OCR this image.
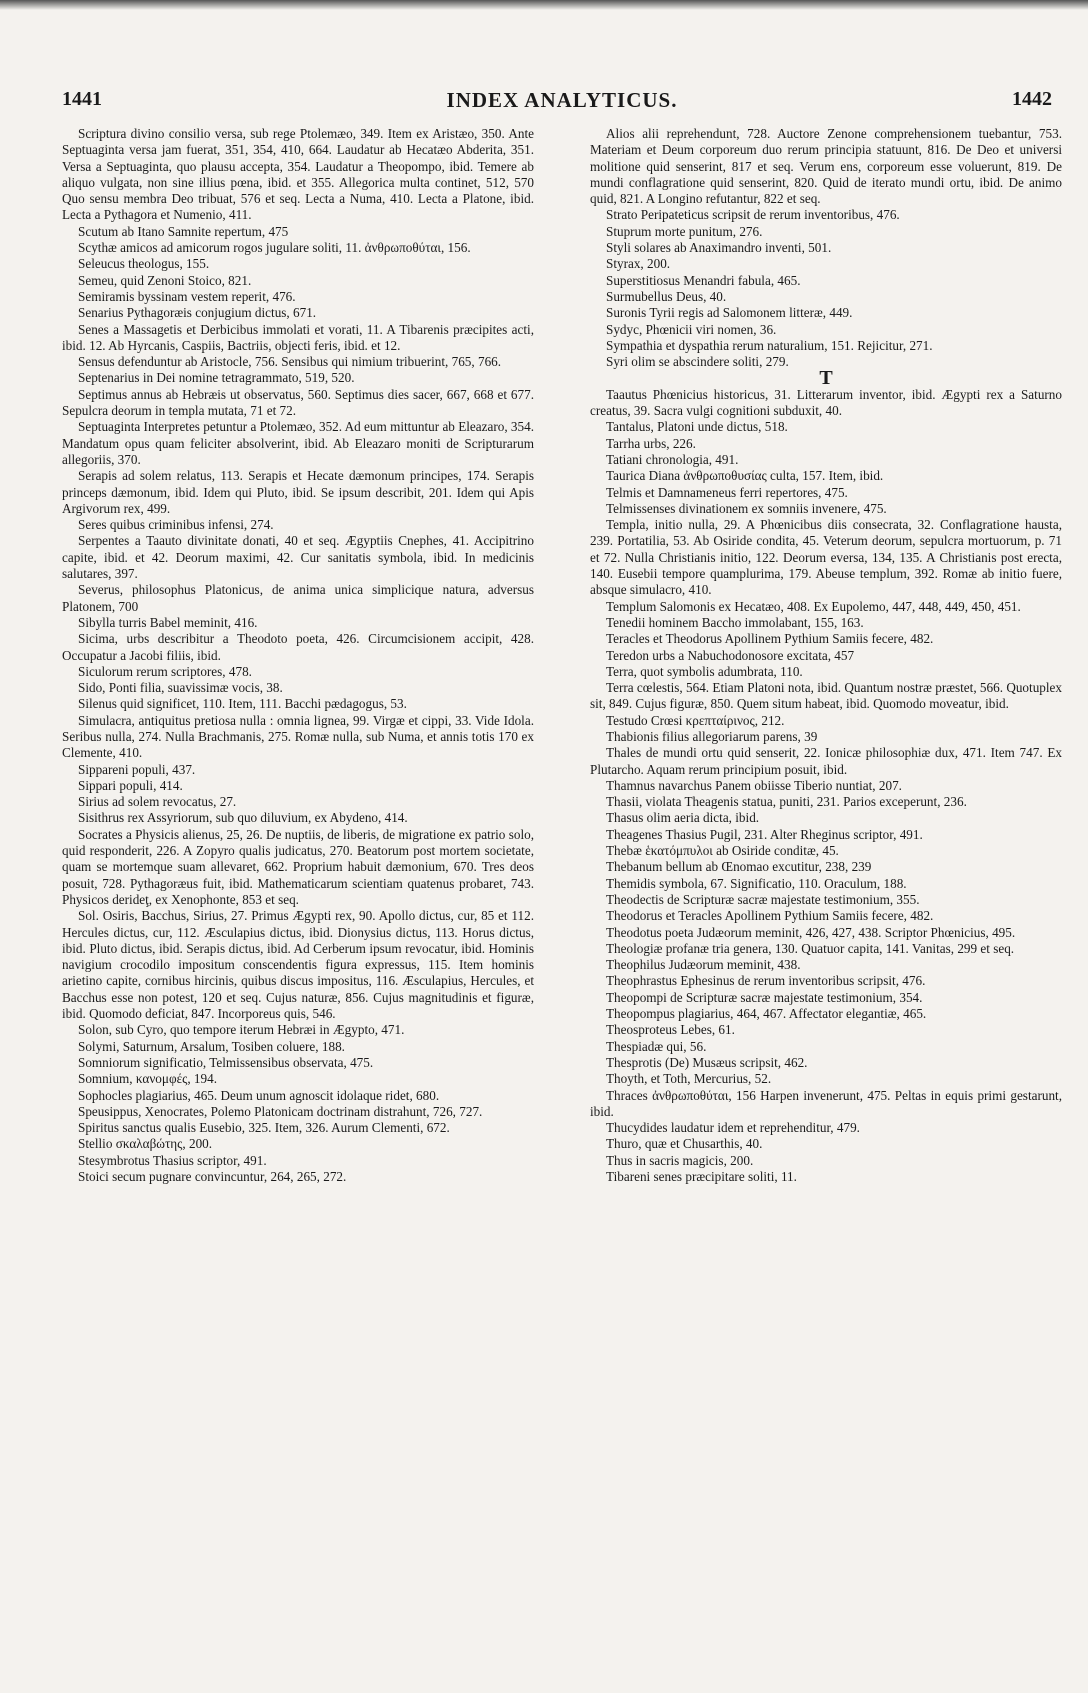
1441	INDEX ANALYTICUS.	1442

Scriptura divino consilio versa, sub rege Ptolemæo, 349. Item ex Aristæo, 350. Ante Septuaginta versa jam fuerat, 351, 354, 410, 664. Laudatur ab Hecatæo Abderita, 351. Versa a Septuaginta, quo plausu accepta, 354. Laudatur a Theopompo, ibid. Temere ab aliquo vulgata, non sine illius pœna, ibid. et 355. Allegorica multa continet, 512, 570 Quo sensu membra Deo tribuat, 576 et seq. Lecta a Numa, 410. Lecta a Platone, ibid. Lecta a Pythagora et Numenio, 411.

Scutum ab Itano Samnite repertum, 475

Scythæ amicos ad amicorum rogos jugulare soliti, 11. ἀνθρωποθύται, 156.

Seleucus theologus, 155.

Semeu, quid Zenoni Stoico, 821.

Semiramis byssinam vestem reperit, 476.

Senarius Pythagoræis conjugium dictus, 671.

Senes a Massagetis et Derbicibus immolati et vorati, 11. A Tibarenis præcipites acti, ibid. 12. Ab Hyrcanis, Caspiis, Bactriis, objecti feris, ibid. et 12.

Sensus defenduntur ab Aristocle, 756. Sensibus qui nimium tribuerint, 765, 766.

Septenarius in Dei nomine tetragrammato, 519, 520.

Septimus annus ab Hebræis ut observatus, 560. Septimus dies sacer, 667, 668 et 677. Sepulcra deorum in templa mutata, 71 et 72.

Septuaginta Interpretes petuntur a Ptolemæo, 352. Ad eum mittuntur ab Eleazaro, 354. Mandatum opus quam feliciter absolverint, ibid. Ab Eleazaro moniti de Scripturarum allegoriis, 370.

Serapis ad solem relatus, 113. Serapis et Hecate dæmonum principes, 174. Serapis princeps dæmonum, ibid. Idem qui Pluto, ibid. Se ipsum describit, 201. Idem qui Apis Argivorum rex, 499.

Seres quibus criminibus infensi, 274.

Serpentes a Taauto divinitate donati, 40 et seq. Ægyptiis Cnephes, 41. Accipitrino capite, ibid. et 42. Deorum maximi, 42. Cur sanitatis symbola, ibid. In medicinis salutares, 397.

Severus, philosophus Platonicus, de anima unica simplicique natura, adversus Platonem, 700

Sibylla turris Babel meminit, 416.

Sicima, urbs describitur a Theodoto poeta, 426. Circumcisionem accipit, 428. Occupatur a Jacobi filiis, ibid.

Siculorum rerum scriptores, 478.

Sido, Ponti filia, suavissimæ vocis, 38.

Silenus quid significet, 110. Item, 111. Bacchi pædagogus, 53.

Simulacra, antiquitus pretiosa nulla : omnia lignea, 99. Virgæ et cippi, 33. Vide Idola. Seribus nulla, 274. Nulla Brachmanis, 275. Romæ nulla, sub Numa, et annis totis 170 ex Clemente, 410.

Sippareni populi, 437.

Sippari populi, 414.

Sirius ad solem revocatus, 27.

Sisithrus rex Assyriorum, sub quo diluvium, ex Abydeno, 414.

Socrates a Physicis alienus, 25, 26. De nuptiis, de liberis, de migratione ex patrio solo, quid responderit, 226. A Zopyro qualis judicatus, 270. Beatorum post mortem societate, quam se mortemque suam allevaret, 662. Proprium habuit dæmonium, 670. Tres deos posuit, 728. Pythagoræus fuit, ibid. Mathematicarum scientiam quatenus probaret, 743. Physicos derideţ, ex Xenophonte, 853 et seq.

Sol. Osiris, Bacchus, Sirius, 27. Primus Ægypti rex, 90. Apollo dictus, cur, 85 et 112. Hercules dictus, cur, 112. Æsculapius dictus, ibid. Dionysius dictus, 113. Horus dictus, ibid. Pluto dictus, ibid. Serapis dictus, ibid. Ad Cerberum ipsum revocatur, ibid. Hominis navigium crocodilo impositum conscendentis figura expressus, 115. Item hominis arietino capite, cornibus hircinis, quibus discus impositus, 116. Æsculapius, Hercules, et Bacchus esse non potest, 120 et seq. Cujus naturæ, 856. Cujus magnitudinis et figuræ, ibid. Quomodo deficiat, 847. Incorporeus quis, 546.

Solon, sub Cyro, quo tempore iterum Hebræi in Ægypto, 471.

Solymi, Saturnum, Arsalum, Tosiben coluere, 188.

Somniorum significatio, Telmissensibus observata, 475.

Somnium, κανομφές, 194.

Sophocles plagiarius, 465. Deum unum agnoscit idolaque ridet, 680.

Speusippus, Xenocrates, Polemo Platonicam doctrinam distrahunt, 726, 727.

Spiritus sanctus qualis Eusebio, 325. Item, 326. Aurum Clementi, 672.

Stellio σκαλαβώτης, 200.

Stesymbrotus Thasius scriptor, 491.

Stoici secum pugnare convincuntur, 264, 265, 272.

Alios alii reprehendunt, 728. Auctore Zenone comprehensionem tuebantur, 753. Materiam et Deum corporeum duo rerum principia statuunt, 816. De Deo et universi molitione quid senserint, 817 et seq. Verum ens, corporeum esse voluerunt, 819. De mundi conflagratione quid senserint, 820. Quid de iterato mundi ortu, ibid. De animo quid, 821. A Longino refutantur, 822 et seq.

Strato Peripateticus scripsit de rerum inventoribus, 476.

Stuprum morte punitum, 276.

Styli solares ab Anaximandro inventi, 501.

Styrax, 200.

Superstitiosus Menandri fabula, 465.

Surmubellus Deus, 40.

Suronis Tyrii regis ad Salomonem litteræ, 449.

Sydyc, Phœnicii viri nomen, 36.

Sympathia et dyspathia rerum naturalium, 151. Rejicitur, 271.

Syri olim se abscindere soliti, 279.

T

Taautus Phœnicius historicus, 31. Litterarum inventor, ibid. Ægypti rex a Saturno creatus, 39. Sacra vulgi cognitioni subduxit, 40.

Tantalus, Platoni unde dictus, 518.

Tarrha urbs, 226.

Tatiani chronologia, 491.

Taurica Diana ἀνθρωποθυσίας culta, 157. Item, ibid.

Telmis et Damnameneus ferri repertores, 475.

Telmissenses divinationem ex somniis invenere, 475.

Templa, initio nulla, 29. A Phœnicibus diis consecrata, 32. Conflagratione hausta, 239. Portatilia, 53. Ab Osiride condita, 45. Veterum deorum, sepulcra mortuorum, p. 71 et 72. Nulla Christianis initio, 122. Deorum eversa, 134, 135. A Christianis post erecta, 140. Eusebii tempore quamplurima, 179. Abeuse templum, 392. Romæ ab initio fuere, absque simulacro, 410.

Templum Salomonis ex Hecatæo, 408. Ex Eupolemo, 447, 448, 449, 450, 451.

Tenedii hominem Baccho immolabant, 155, 163.

Teracles et Theodorus Apollinem Pythium Samiis fecere, 482.

Teredon urbs a Nabuchodonosore excitata, 457

Terra, quot symbolis adumbrata, 110.

Terra cœlestis, 564. Etiam Platoni nota, ibid. Quantum nostræ præstet, 566. Quotuplex sit, 849. Cujus figuræ, 850. Quem situm habeat, ibid. Quomodo moveatur, ibid.

Testudo Crœsi κρεπταίρινος, 212.

Thabionis filius allegoriarum parens, 39

Thales de mundi ortu quid senserit, 22. Ionicæ philosophiæ dux, 471. Item 747. Ex Plutarcho. Aquam rerum principium posuit, ibid.

Thamnus navarchus Panem obiisse Tiberio nuntiat, 207.

Thasii, violata Theagenis statua, puniti, 231. Parios exceperunt, 236.

Thasus olim aeria dicta, ibid.

Theagenes Thasius Pugil, 231. Alter Rheginus scriptor, 491.

Thebæ ἑκατόμπυλοι ab Osiride conditæ, 45.

Thebanum bellum ab Œnomao excutitur, 238, 239

Themidis symbola, 67. Significatio, 110. Oraculum, 188.

Theodectis de Scripturæ sacræ majestate testimonium, 355.

Theodorus et Teracles Apollinem Pythium Samiis fecere, 482.

Theodotus poeta Judæorum meminit, 426, 427, 438. Scriptor Phœnicius, 495.

Theologiæ profanæ tria genera, 130. Quatuor capita, 141. Vanitas, 299 et seq.

Theophilus Judæorum meminit, 438.

Theophrastus Ephesinus de rerum inventoribus scripsit, 476.

Theopompi de Scripturæ sacræ majestate testimonium, 354.

Theopompus plagiarius, 464, 467. Affectator elegantiæ, 465.

Theosproteus Lebes, 61.

Thespiadæ qui, 56.

Thesprotis (De) Musæus scripsit, 462.

Thoyth, et Toth, Mercurius, 52.

Thraces ἀνθρωποθύται, 156 Harpen invenerunt, 475. Peltas in equis primi gestarunt, ibid.

Thucydides laudatur idem et reprehenditur, 479.

Thuro, quæ et Chusarthis, 40.

Thus in sacris magicis, 200.

Tibareni senes præcipitare soliti, 11.
